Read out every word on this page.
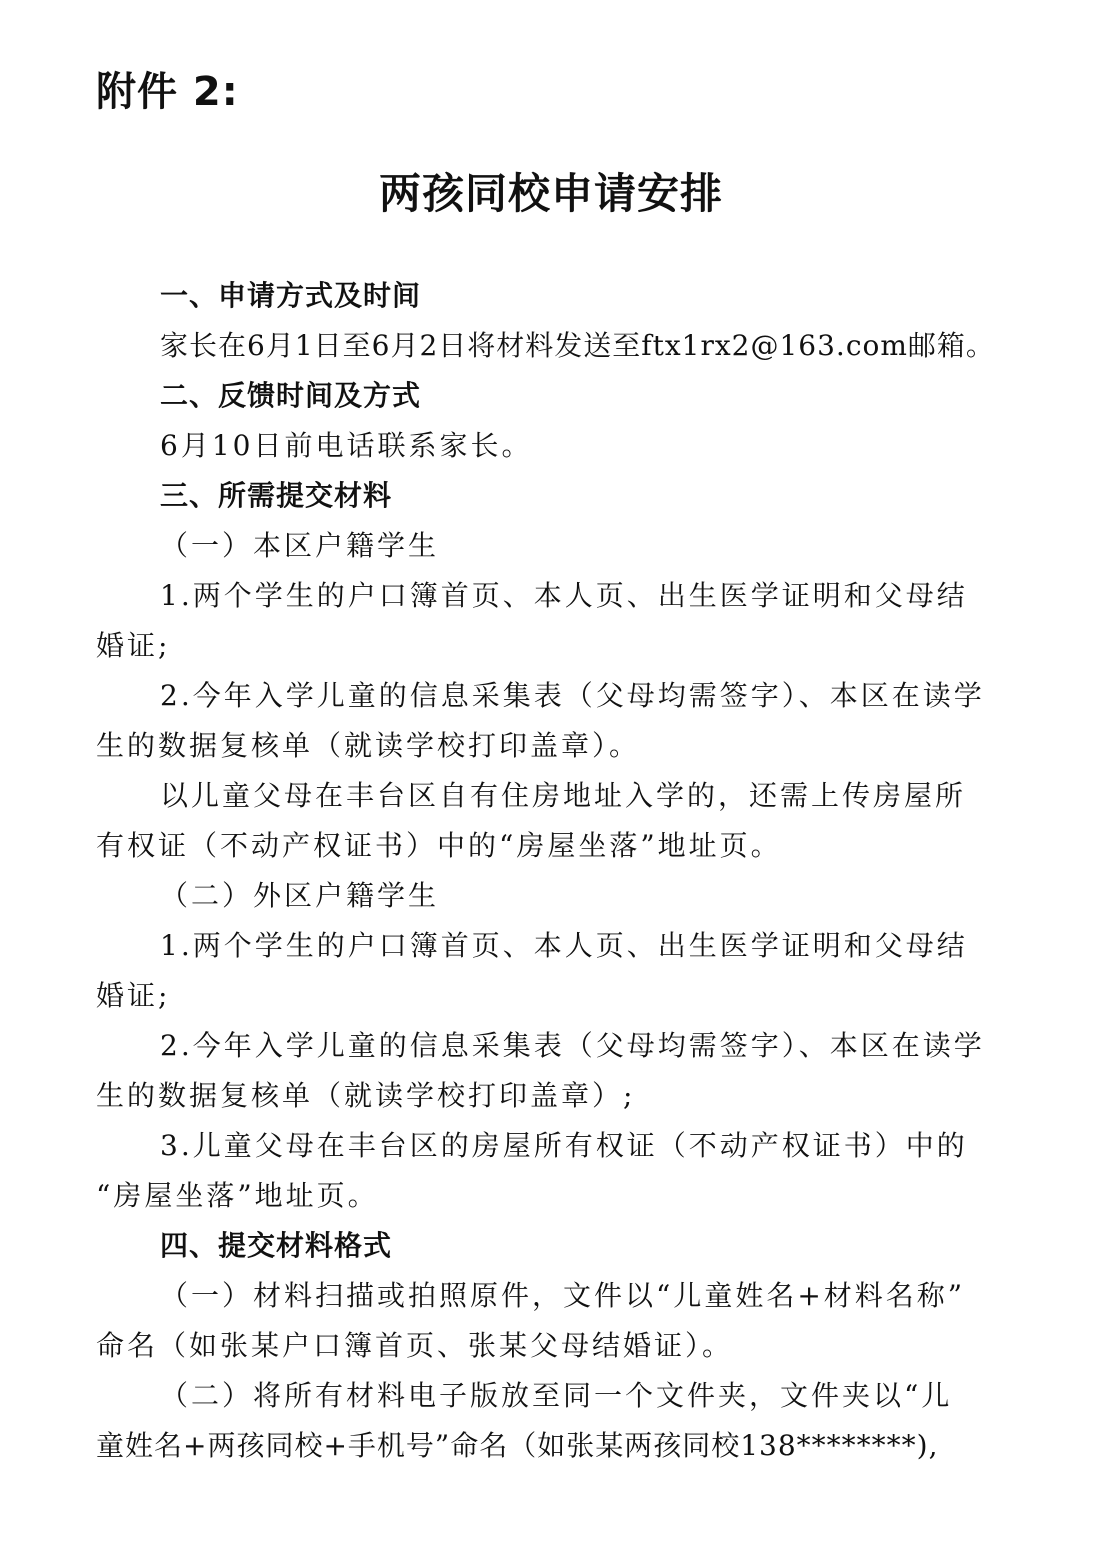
附件 2:
两孩同校申请安排
一、申请方式及时间
家长在6月1日至6月2日将材料发送至ftx1rx2@163.com邮箱。
二、反馈时间及方式
6月10日前电话联系家长。
三、所需提交材料
（一）本区户籍学生
1.两个学生的户口簿首页、本人页、出生医学证明和父母结
婚证;
2.今年入学儿童的信息采集表（父母均需签字）、本区在读学
生的数据复核单（就读学校打印盖章）。
以儿童父母在丰台区自有住房地址入学的，还需上传房屋所
有权证（不动产权证书）中的“房屋坐落”地址页。
（二）外区户籍学生
1.两个学生的户口簿首页、本人页、出生医学证明和父母结
婚证;
2.今年入学儿童的信息采集表（父母均需签字）、本区在读学
生的数据复核单（就读学校打印盖章）;
3.儿童父母在丰台区的房屋所有权证（不动产权证书）中的
“房屋坐落”地址页。
四、提交材料格式
（一）材料扫描或拍照原件，文件以“儿童姓名+材料名称”
命名（如张某户口簿首页、张某父母结婚证）。
（二）将所有材料电子版放至同一个文件夹，文件夹以“儿
童姓名+两孩同校+手机号”命名（如张某两孩同校138********),
